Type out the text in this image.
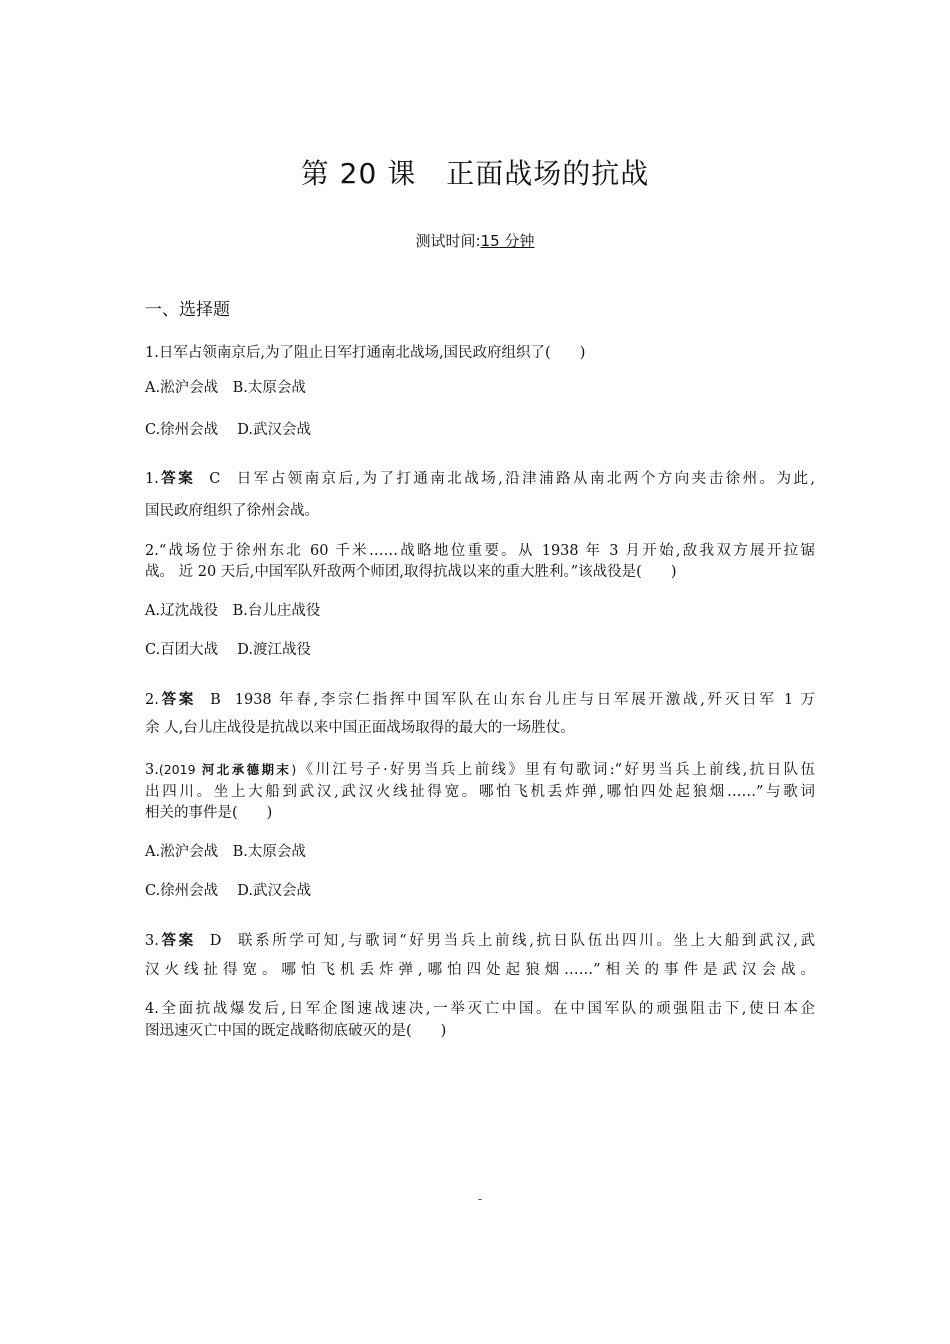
第 20 课 正面战场的抗战
测试时间:15 分钟
一、选择题
1.日军占领南京后,为了阻止日军打通南北战场,国民政府组织了(　　)
A.淞沪会战　B.太原会战
C.徐州会战　 D.武汉会战
1.答案 C 日军占领南京后,为了打通南北战场,沿津浦路从南北两个方向夹击徐州。为此,
国民政府组织了徐州会战。
2.“战场位于徐州东北 60 千米……战略地位重要。从 1938 年 3 月开始,敌我双方展开拉锯
战。 近 20 天后,中国军队歼敌两个师团,取得抗战以来的重大胜利。”该战役是(　　)
A.辽沈战役　B.台儿庄战役
C.百团大战　 D.渡江战役
2.答案 B 1938 年春,李宗仁指挥中国军队在山东台儿庄与日军展开激战,歼灭日军 1 万
余 人,台儿庄战役是抗战以来中国正面战场取得的最大的一场胜仗。
3.(2019 河北承德期末)《川江号子·好男当兵上前线》里有句歌词:“好男当兵上前线,抗日队伍
出四川。坐上大船到武汉,武汉火线扯得宽。哪怕飞机丢炸弹,哪怕四处起狼烟……”与歌词
相关的事件是(　　)
A.淞沪会战　B.太原会战
C.徐州会战　 D.武汉会战
3.答案 D 联系所学可知,与歌词“好男当兵上前线,抗日队伍出四川。坐上大船到武汉,武
汉火线扯得宽。哪怕飞机丢炸弹,哪怕四处起狼烟……”相关的事件是武汉会战。
4.全面抗战爆发后,日军企图速战速决,一举灭亡中国。在中国军队的顽强阻击下,使日本企
图迅速灭亡中国的既定战略彻底破灭的是(　　)
-
